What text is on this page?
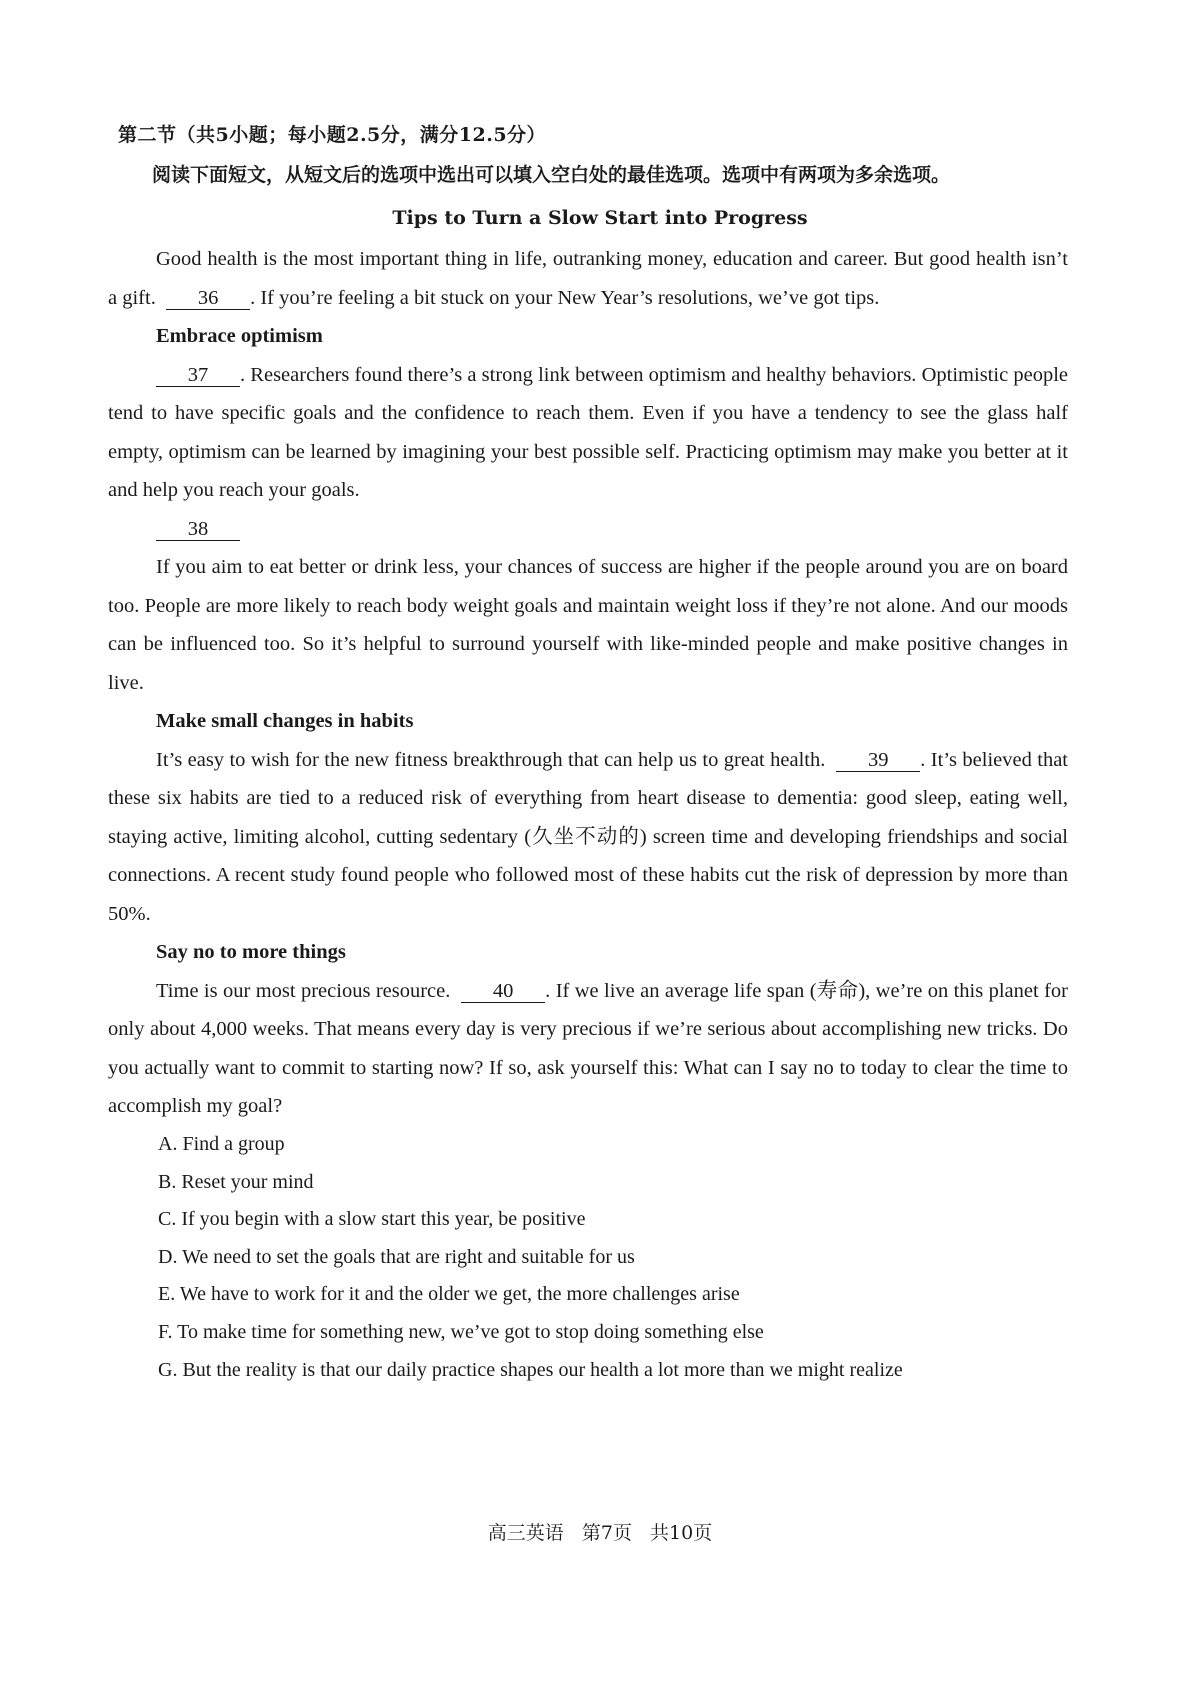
第二节（共5小题；每小题2.5分，满分12.5分）
阅读下面短文，从短文后的选项中选出可以填入空白处的最佳选项。选项中有两项为多余选项。
Tips to Turn a Slow Start into Progress

Good health is the most important thing in life, outranking money, education and career. But good health isn’t a gift. 36 . If you’re feeling a bit stuck on your New Year’s resolutions, we’ve got tips.

Embrace optimism

37 . Researchers found there’s a strong link between optimism and healthy behaviors. Optimistic people tend to have specific goals and the confidence to reach them. Even if you have a tendency to see the glass half empty, optimism can be learned by imagining your best possible self. Practicing optimism may make you better at it and help you reach your goals.

38

If you aim to eat better or drink less, your chances of success are higher if the people around you are on board too. People are more likely to reach body weight goals and maintain weight loss if they’re not alone. And our moods can be influenced too. So it’s helpful to surround yourself with like-minded people and make positive changes in live.

Make small changes in habits

It’s easy to wish for the new fitness breakthrough that can help us to great health. 39 . It’s believed that these six habits are tied to a reduced risk of everything from heart disease to dementia: good sleep, eating well, staying active, limiting alcohol, cutting sedentary (久坐不动的) screen time and developing friendships and social connections. A recent study found people who followed most of these habits cut the risk of depression by more than 50%.

Say no to more things

Time is our most precious resource. 40 . If we live an average life span (寿命), we’re on this planet for only about 4,000 weeks. That means every day is very precious if we’re serious about accomplishing new tricks. Do you actually want to commit to starting now? If so, ask yourself this: What can I say no to today to clear the time to accomplish my goal?

A. Find a group
B. Reset your mind
C. If you begin with a slow start this year, be positive
D. We need to set the goals that are right and suitable for us
E. We have to work for it and the older we get, the more challenges arise
F. To make time for something new, we’ve got to stop doing something else
G. But the reality is that our daily practice shapes our health a lot more than we might realize
高三英语   第7页   共10页
